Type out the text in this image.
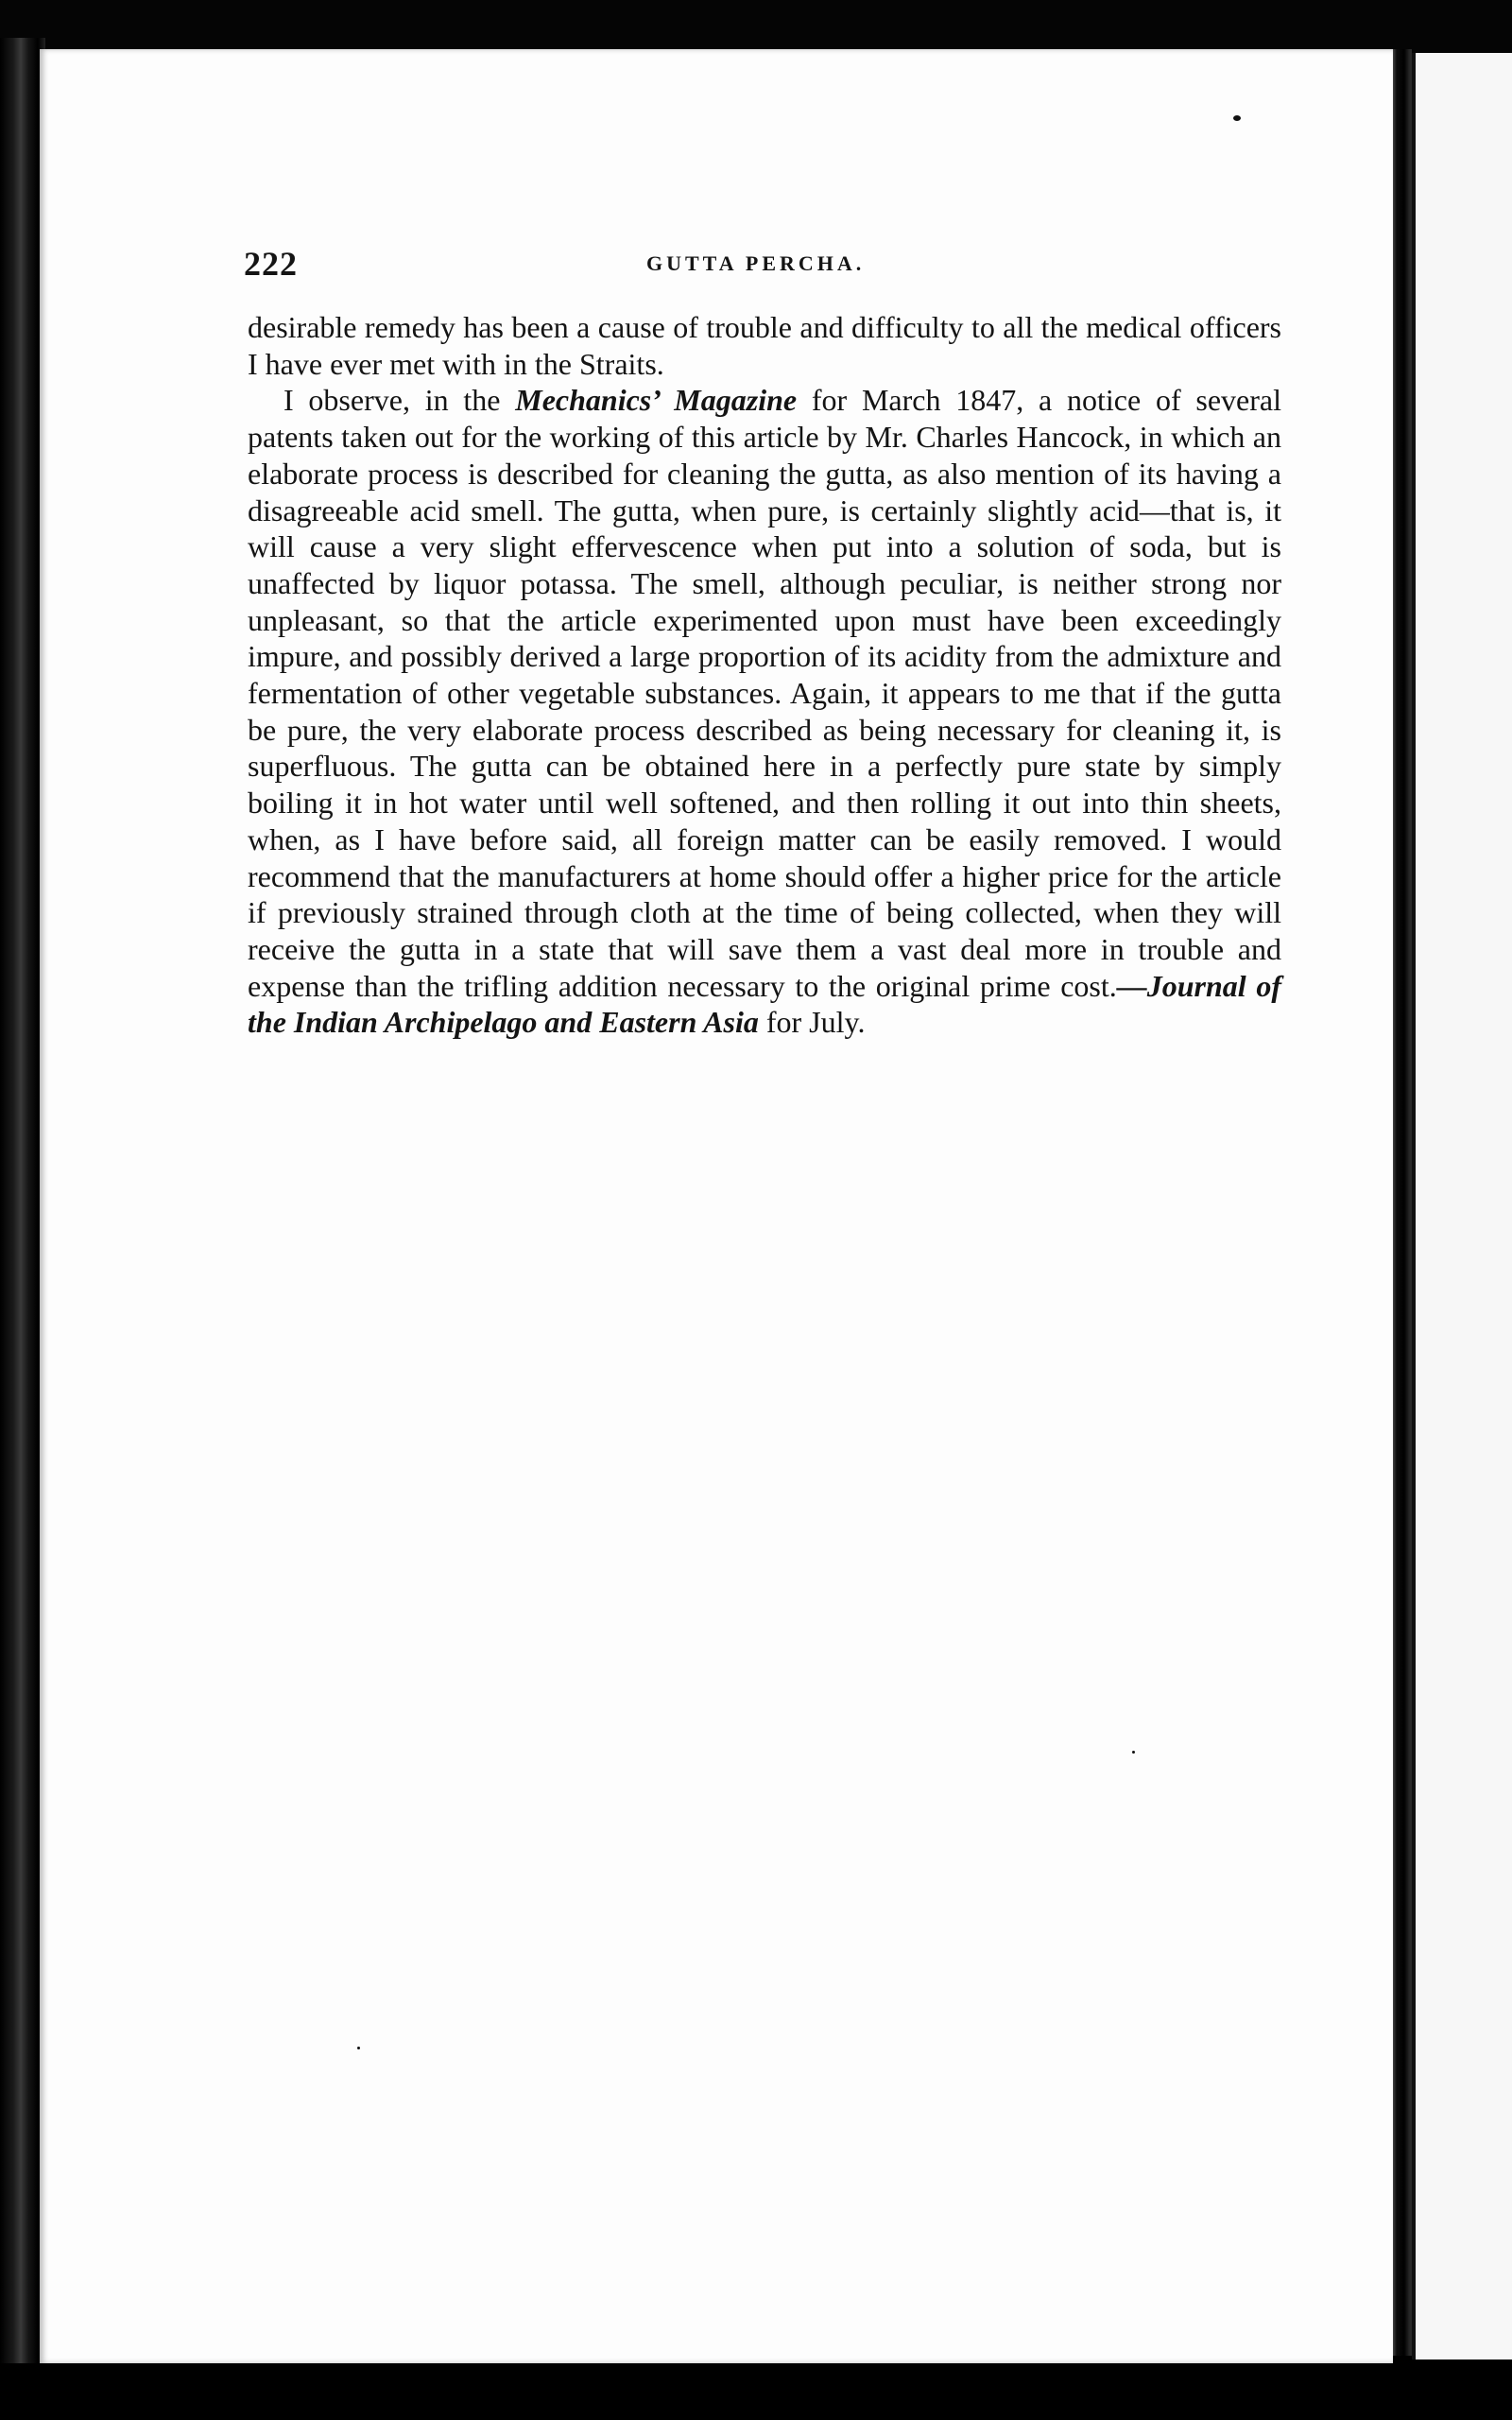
222	GUTTA PERCHA.

desirable remedy has been a cause of trouble and difficulty to all the medical officers I have ever met with in the Straits.

I observe, in the Mechanics’ Magazine for March 1847, a notice of several patents taken out for the working of this article by Mr. Charles Hancock, in which an elaborate process is described for cleaning the gutta, as also mention of its having a disagreeable acid smell. The gutta, when pure, is certainly slightly acid—that is, it will cause a very slight effervescence when put into a solution of soda, but is unaffected by liquor potassa. The smell, although peculiar, is neither strong nor unpleasant, so that the article experimented upon must have been exceedingly impure, and possibly derived a large proportion of its acidity from the admixture and fermentation of other vegetable substances. Again, it appears to me that if the gutta be pure, the very elaborate process described as being necessary for cleaning it, is superfluous. The gutta can be obtained here in a perfectly pure state by simply boiling it in hot water until well softened, and then rolling it out into thin sheets, when, as I have before said, all foreign matter can be easily removed. I would recommend that the manufacturers at home should offer a higher price for the article if previously strained through cloth at the time of being collected, when they will receive the gutta in a state that will save them a vast deal more in trouble and expense than the trifling addition necessary to the original prime cost.—Journal of the Indian Archipelago and Eastern Asia for July.
